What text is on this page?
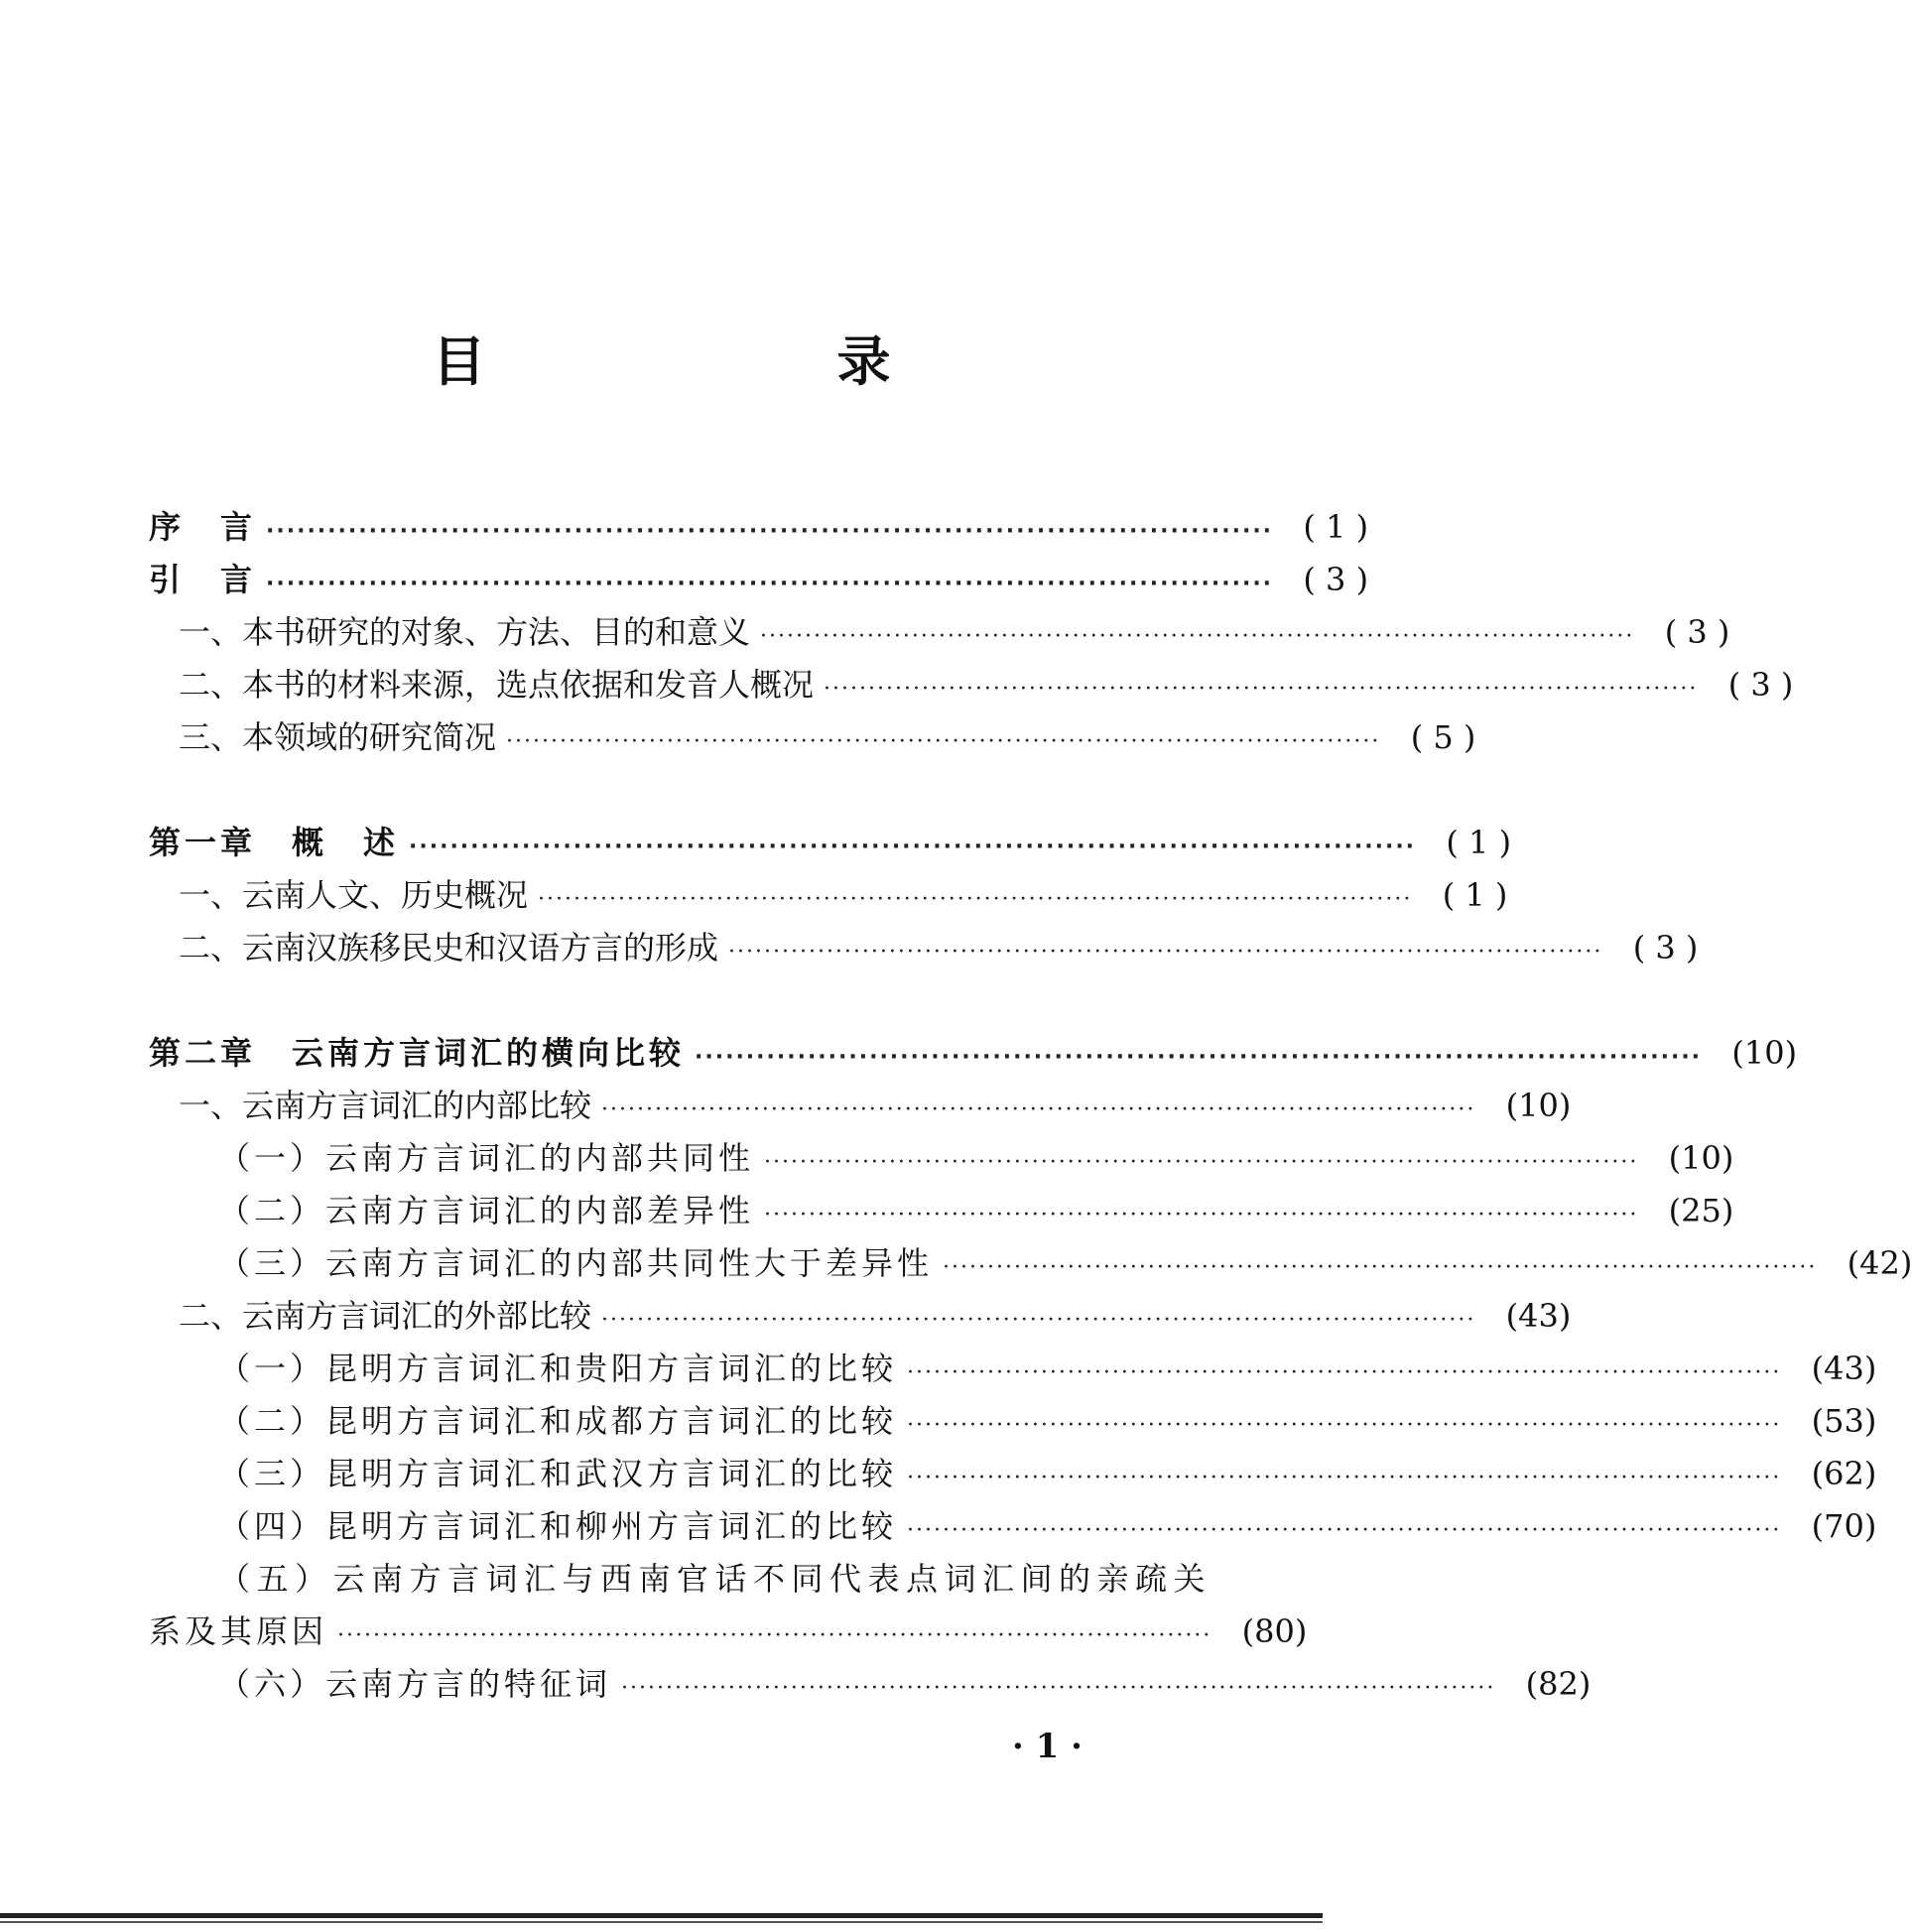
目　录
序　言 ·································································································· ( 1 )
引　言 ·································································································· ( 3 )
一、本书研究的对象、方法、目的和意义 ·································································································· ( 3 )
二、本书的材料来源，选点依据和发音人概况 ·································································································· ( 3 )
三、本领域的研究简况 ·································································································· ( 5 )
第一章　概　述 ·································································································· ( 1 )
一、云南人文、历史概况 ·································································································· ( 1 )
二、云南汉族移民史和汉语方言的形成 ·································································································· ( 3 )
第二章　云南方言词汇的横向比较 ·································································································· (10)
一、云南方言词汇的内部比较 ·································································································· (10)
（一）云南方言词汇的内部共同性 ·································································································· (10)
（二）云南方言词汇的内部差异性 ·································································································· (25)
（三）云南方言词汇的内部共同性大于差异性 ·································································································· (42)
二、云南方言词汇的外部比较 ·································································································· (43)
（一）昆明方言词汇和贵阳方言词汇的比较 ·································································································· (43)
（二）昆明方言词汇和成都方言词汇的比较 ·································································································· (53)
（三）昆明方言词汇和武汉方言词汇的比较 ·································································································· (62)
（四）昆明方言词汇和柳州方言词汇的比较 ·································································································· (70)
（五）云南方言词汇与西南官话不同代表点词汇间的亲疏关
系及其原因 ·································································································· (80)
（六）云南方言的特征词 ·································································································· (82)
· 1 ·
